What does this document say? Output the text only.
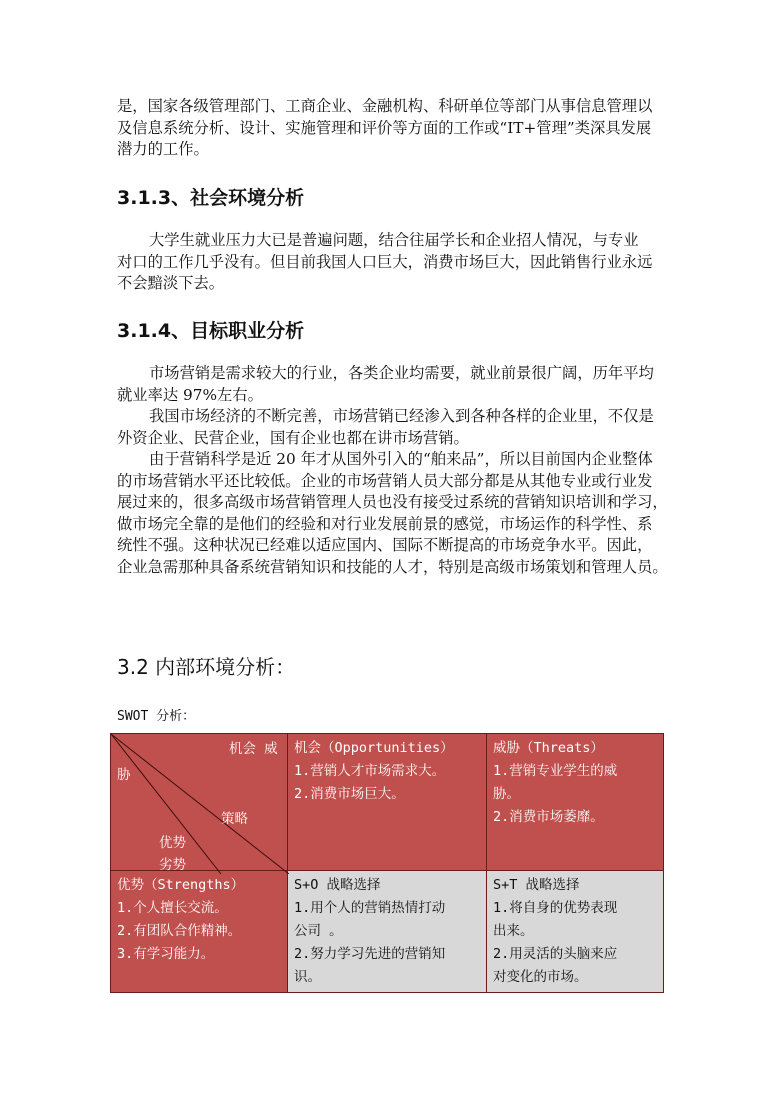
是，国家各级管理部门、工商企业、金融机构、科研单位等部门从事信息管理以
及信息系统分析、设计、实施管理和评价等方面的工作或“IT+管理”类深具发展
潜力的工作。
3.1.3、社会环境分析
大学生就业压力大已是普遍问题，结合往届学长和企业招人情况，与专业
对口的工作几乎没有。但目前我国人口巨大，消费市场巨大，因此销售行业永远
不会黯淡下去。
3.1.4、目标职业分析
市场营销是需求较大的行业，各类企业均需要，就业前景很广阔，历年平均
就业率达 97%左右。
我国市场经济的不断完善，市场营销已经渗入到各种各样的企业里，不仅是
外资企业、民营企业，国有企业也都在讲市场营销。
由于营销科学是近 20 年才从国外引入的“舶来品”，所以目前国内企业整体
的市场营销水平还比较低。企业的市场营销人员大部分都是从其他专业或行业发
展过来的，很多高级市场营销管理人员也没有接受过系统的营销知识培训和学习，
做市场完全靠的是他们的经验和对行业发展前景的感觉，市场运作的科学性、系
统性不强。这种状况已经难以适应国内、国际不断提高的市场竞争水平。因此，
企业急需那种具备系统营销知识和技能的人才，特别是高级市场策划和管理人员。
3.2 内部环境分析：
SWOT 分析：
机会 威
胁
策略
优势
劣势	机会（Opportunities）
1.营销人才市场需求大。
2.消费市场巨大。	威胁（Threats）
1.营销专业学生的威
胁。
2.消费市场萎靡。

优势（Strengths）
1.个人擅长交流。
2.有团队合作精神。
3.有学习能力。	S+O 战略选择
1.用个人的营销热情打动
公司 。
2.努力学习先进的营销知
识。	S+T 战略选择
1.将自身的优势表现
出来。
2.用灵活的头脑来应
对变化的市场。
